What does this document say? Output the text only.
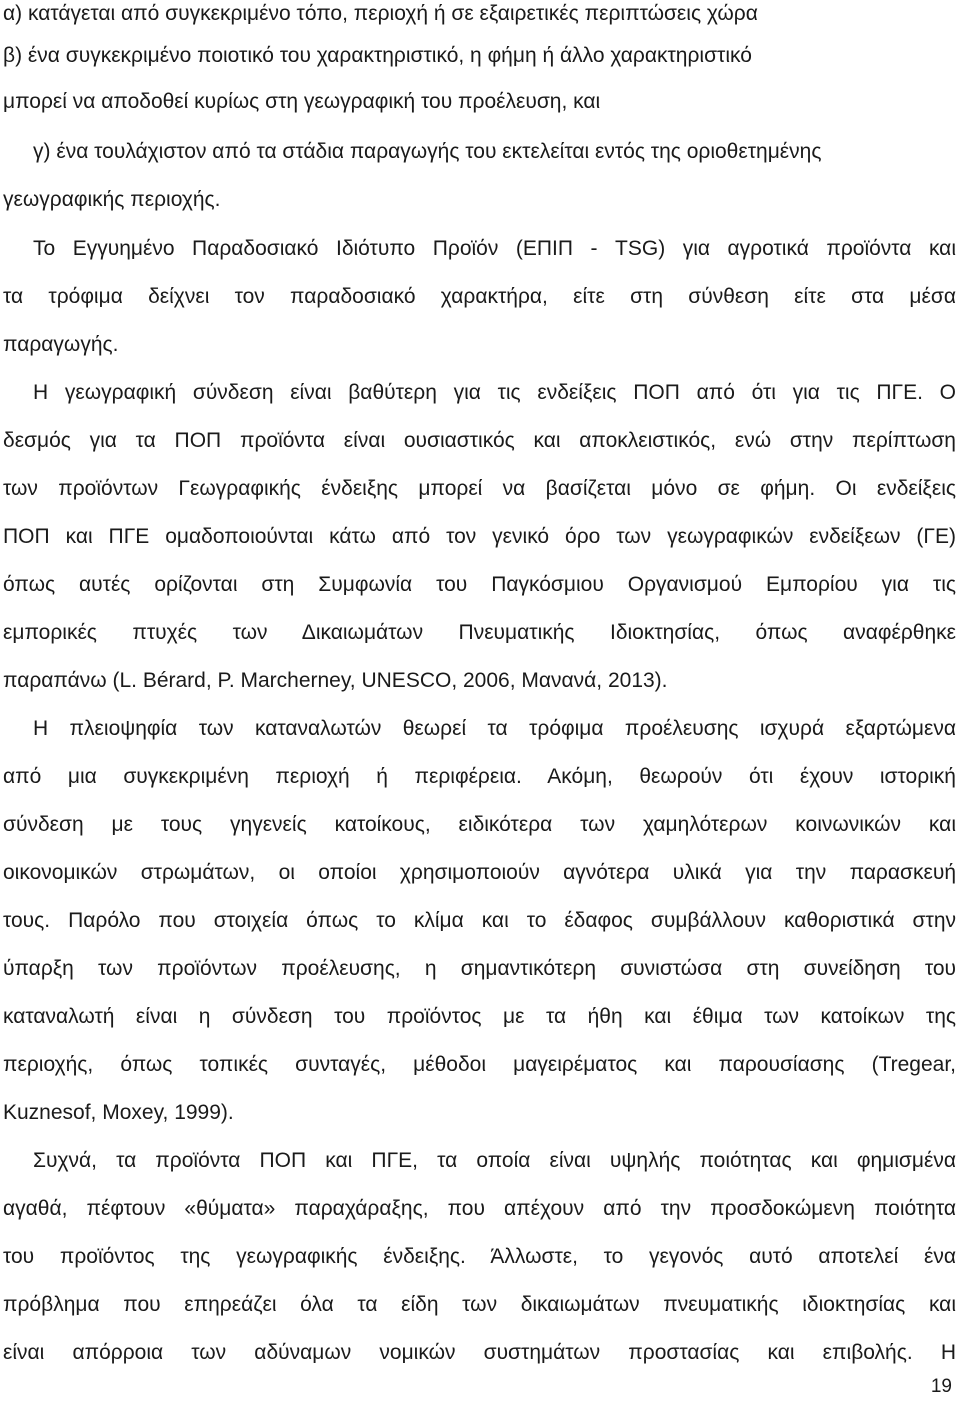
α) κατάγεται από συγκεκριμένο τόπο, περιοχή ή σε εξαιρετικές περιπτώσεις χώρα
β) ένα συγκεκριμένο ποιοτικό του χαρακτηριστικό, η φήμη ή άλλο χαρακτηριστικό
μπορεί να αποδοθεί κυρίως στη γεωγραφική του προέλευση, και
γ) ένα τουλάχιστον από τα στάδια παραγωγής του εκτελείται εντός της οριοθετημένης
γεωγραφικής περιοχής.
Το Εγγυημένο Παραδοσιακό Ιδιότυπο Προϊόν (ΕΠΙΠ ‑ TSG) για αγροτικά προϊόντα και
τα τρόφιμα δείχνει τον παραδοσιακό χαρακτήρα, είτε στη σύνθεση είτε στα μέσα
παραγωγής.
Η γεωγραφική σύνδεση είναι βαθύτερη για τις ενδείξεις ΠΟΠ από ότι για τις ΠΓΕ. Ο
δεσμός για τα ΠΟΠ προϊόντα είναι ουσιαστικός και αποκλειστικός, ενώ στην περίπτωση
των προϊόντων Γεωγραφικής ένδειξης μπορεί να βασίζεται μόνο σε φήμη. Οι ενδείξεις
ΠΟΠ και ΠΓΕ ομαδοποιούνται κάτω από τον γενικό όρο των γεωγραφικών ενδείξεων (ΓΕ)
όπως αυτές ορίζονται στη Συμφωνία του Παγκόσμιου Οργανισμού Εμπορίου για τις
εμπορικές πτυχές των Δικαιωμάτων Πνευματικής Ιδιοκτησίας, όπως αναφέρθηκε
παραπάνω (L. Bérard, P. Marcherney, UNESCO, 2006, Μανανά, 2013).
Η πλειοψηφία των καταναλωτών θεωρεί τα τρόφιμα προέλευσης ισχυρά εξαρτώμενα
από μια συγκεκριμένη περιοχή ή περιφέρεια. Ακόμη, θεωρούν ότι έχουν ιστορική
σύνδεση με τους γηγενείς κατοίκους, ειδικότερα των χαμηλότερων κοινωνικών και
οικονομικών στρωμάτων, οι οποίοι χρησιμοποιούν αγνότερα υλικά για την παρασκευή
τους. Παρόλο που στοιχεία όπως το κλίμα και το έδαφος συμβάλλουν καθοριστικά στην
ύπαρξη των προϊόντων προέλευσης, η σημαντικότερη συνιστώσα στη συνείδηση του
καταναλωτή είναι η σύνδεση του προϊόντος με τα ήθη και έθιμα των κατοίκων της
περιοχής, όπως τοπικές συνταγές, μέθοδοι μαγειρέματος και παρουσίασης (Tregear,
Kuznesof, Moxey, 1999).
Συχνά, τα προϊόντα ΠΟΠ και ΠΓΕ, τα οποία είναι υψηλής ποιότητας και φημισμένα
αγαθά, πέφτουν «θύματα» παραχάραξης, που απέχουν από την προσδοκώμενη ποιότητα
του προϊόντος της γεωγραφικής ένδειξης. Άλλωστε, το γεγονός αυτό αποτελεί ένα
πρόβλημα που επηρεάζει όλα τα είδη των δικαιωμάτων πνευματικής ιδιοκτησίας και
είναι απόρροια των αδύναμων νομικών συστημάτων προστασίας και επιβολής. Η
19
